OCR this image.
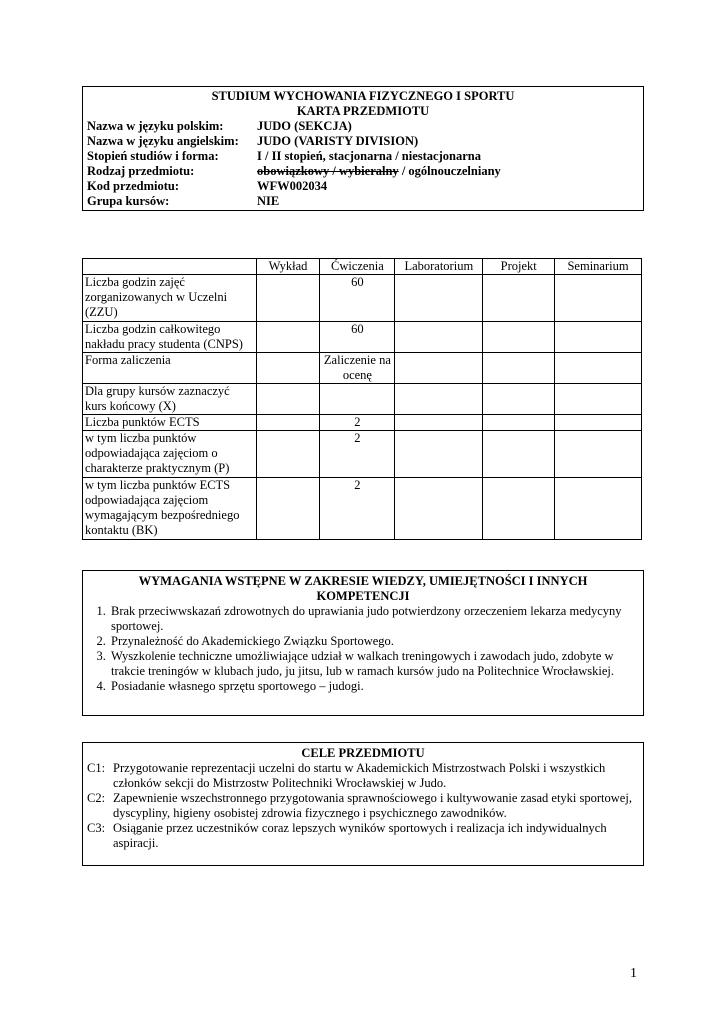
STUDIUM WYCHOWANIA FIZYCZNEGO I SPORTU
KARTA PRZEDMIOTU
Nazwa w języku polskim:	JUDO (SEKCJA)
Nazwa w języku angielskim:	JUDO (VARISTY DIVISION)
Stopień studiów i forma:	I / II stopień, stacjonarna / niestacjonarna
Rodzaj przedmiotu:	obowiązkowy / wybieralny / ogólnouczelniany
Kod przedmiotu:	WFW002034
Grupa kursów:	NIE
	Wykład	Ćwiczenia	Laboratorium	Projekt	Seminarium
Liczba godzin zajęć zorganizowanych w Uczelni (ZZU)		60			
Liczba godzin całkowitego nakładu pracy studenta (CNPS)		60			
Forma zaliczenia		Zaliczenie na ocenę			
Dla grupy kursów zaznaczyć kurs końcowy (X)					
Liczba punktów ECTS		2			
w tym liczba punktów odpowiadająca zajęciom o charakterze praktycznym (P)		2			
w tym liczba punktów ECTS odpowiadająca zajęciom wymagającym bezpośredniego kontaktu (BK)		2			
WYMAGANIA WSTĘPNE W ZAKRESIE WIEDZY, UMIEJĘTNOŚCI I INNYCH
KOMPETENCJI
1. Brak przeciwwskazań zdrowotnych do uprawiania judo potwierdzony orzeczeniem lekarza medycyny sportowej.
2. Przynależność do Akademickiego Związku Sportowego.
3. Wyszkolenie techniczne umożliwiające udział w walkach treningowych i zawodach judo, zdobyte w trakcie treningów w klubach judo, ju jitsu, lub w ramach kursów judo na Politechnice Wrocławskiej.
4. Posiadanie własnego sprzętu sportowego – judogi.
CELE PRZEDMIOTU
C1: Przygotowanie reprezentacji uczelni do startu w Akademickich Mistrzostwach Polski i wszystkich członków sekcji do Mistrzostw Politechniki Wrocławskiej w Judo.
C2: Zapewnienie wszechstronnego przygotowania sprawnościowego i kultywowanie zasad etyki sportowej, dyscypliny, higieny osobistej zdrowia fizycznego i psychicznego zawodników.
C3: Osiąganie przez uczestników coraz lepszych wyników sportowych i realizacja ich indywidualnych aspiracji.
1
